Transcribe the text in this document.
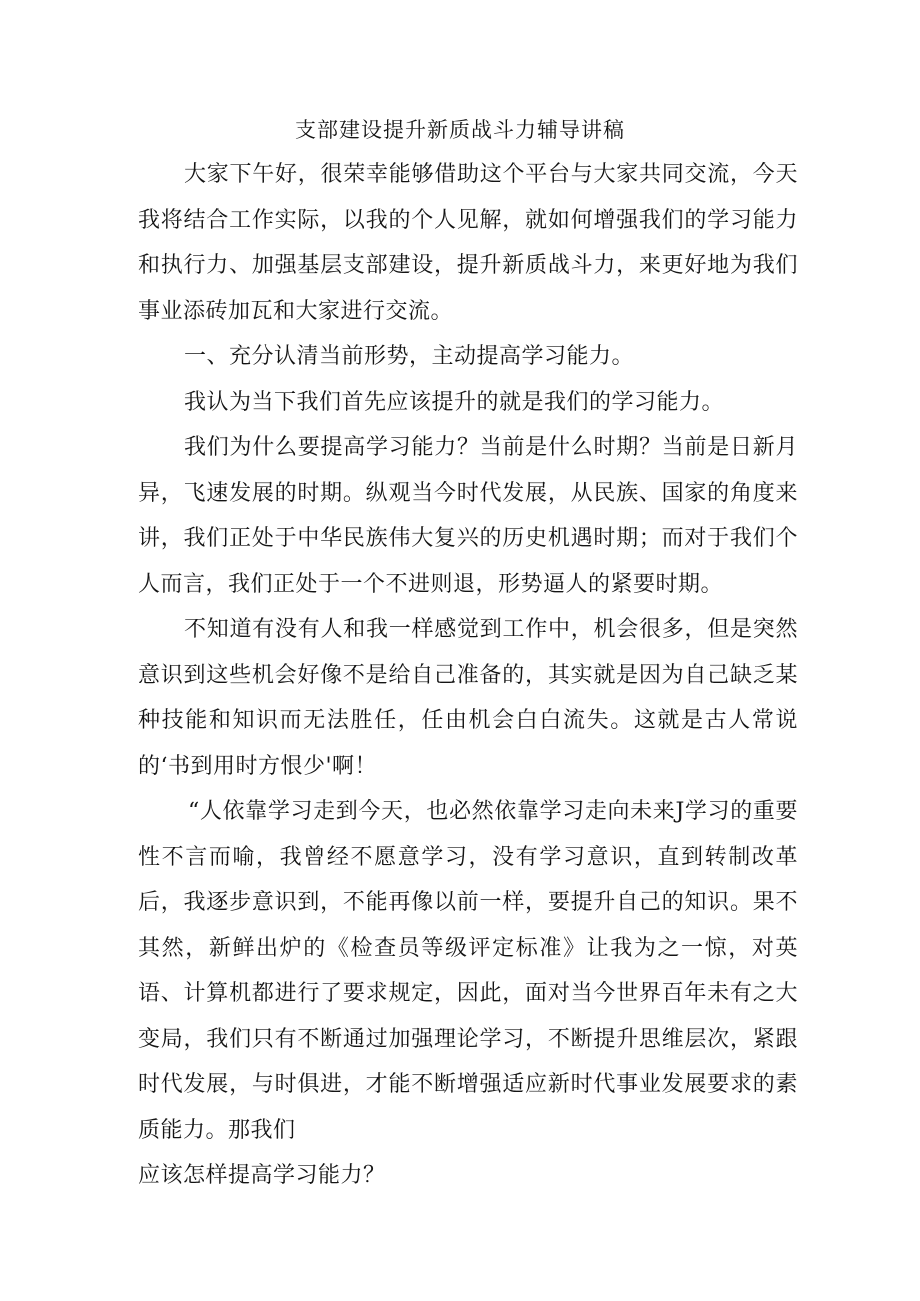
支部建设提升新质战斗力辅导讲稿

大家下午好，很荣幸能够借助这个平台与大家共同交流，今天我将结合工作实际，以我的个人见解，就如何增强我们的学习能力和执行力、加强基层支部建设，提升新质战斗力，来更好地为我们事业添砖加瓦和大家进行交流。

一、充分认清当前形势，主动提高学习能力。

我认为当下我们首先应该提升的就是我们的学习能力。

我们为什么要提高学习能力？当前是什么时期？当前是日新月异，飞速发展的时期。纵观当今时代发展，从民族、国家的角度来讲，我们正处于中华民族伟大复兴的历史机遇时期；而对于我们个人而言，我们正处于一个不进则退，形势逼人的紧要时期。

不知道有没有人和我一样感觉到工作中，机会很多，但是突然意识到这些机会好像不是给自己准备的，其实就是因为自己缺乏某种技能和知识而无法胜任，任由机会白白流失。这就是古人常说的‘书到用时方恨少'啊！

“人依靠学习走到今天，也必然依靠学习走向未来J学习的重要性不言而喻，我曾经不愿意学习，没有学习意识，直到转制改革后，我逐步意识到，不能再像以前一样，要提升自己的知识。果不其然，新鲜出炉的《检查员等级评定标准》让我为之一惊，对英语、计算机都进行了要求规定，因此，面对当今世界百年未有之大变局，我们只有不断通过加强理论学习，不断提升思维层次，紧跟时代发展，与时俱进，才能不断增强适应新时代事业发展要求的素质能力。那我们

应该怎样提高学习能力？
